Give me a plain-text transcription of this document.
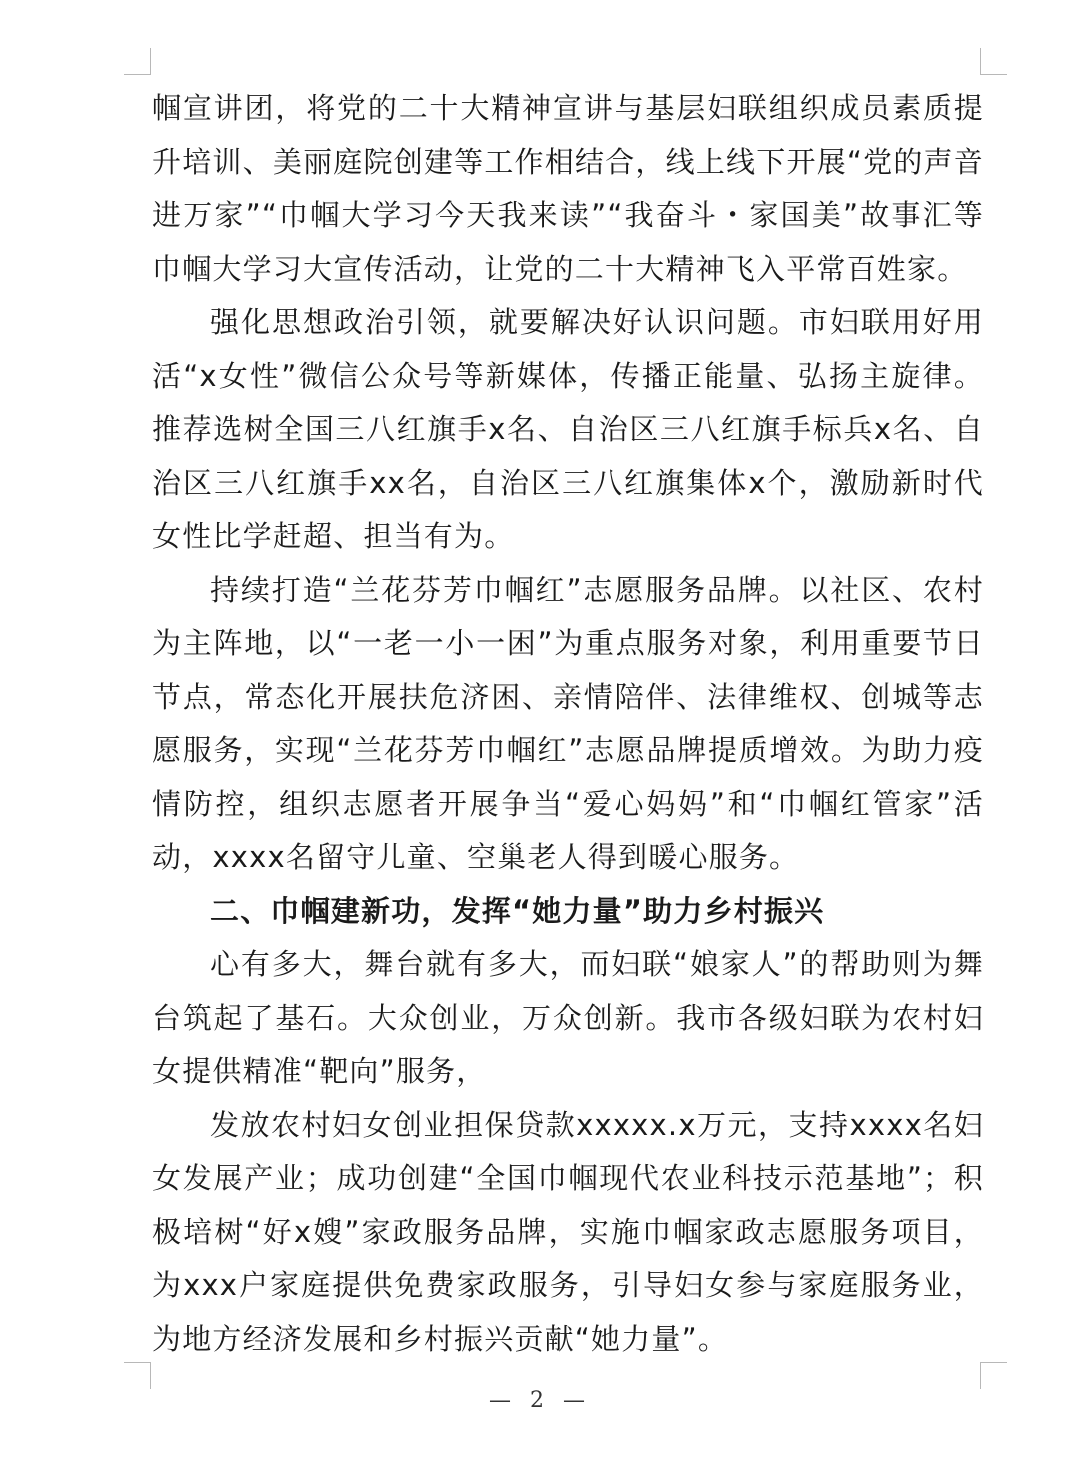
帼宣讲团，将党的二十大精神宣讲与基层妇联组织成员素质提升培训、美丽庭院创建等工作相结合，线上线下开展“党的声音进万家”“巾帼大学习今天我来读”“我奋斗・家国美”故事汇等巾帼大学习大宣传活动，让党的二十大精神飞入平常百姓家。

强化思想政治引领，就要解决好认识问题。市妇联用好用活“x女性”微信公众号等新媒体，传播正能量、弘扬主旋律。推荐选树全国三八红旗手x名、自治区三八红旗手标兵x名、自治区三八红旗手xx名，自治区三八红旗集体x个，激励新时代女性比学赶超、担当有为。

持续打造“兰花芬芳巾帼红”志愿服务品牌。以社区、农村为主阵地，以“一老一小一困”为重点服务对象，利用重要节日节点，常态化开展扶危济困、亲情陪伴、法律维权、创城等志愿服务，实现“兰花芬芳巾帼红”志愿品牌提质增效。为助力疫情防控，组织志愿者开展争当“爱心妈妈”和“巾帼红管家”活动，xxxx名留守儿童、空巢老人得到暖心服务。

二、巾帼建新功，发挥“她力量”助力乡村振兴

心有多大，舞台就有多大，而妇联“娘家人”的帮助则为舞台筑起了基石。大众创业，万众创新。我市各级妇联为农村妇女提供精准“靶向”服务，

发放农村妇女创业担保贷款xxxxx.x万元，支持xxxx名妇女发展产业；成功创建“全国巾帼现代农业科技示范基地”；积极培树“好x嫂”家政服务品牌，实施巾帼家政志愿服务项目，为xxx户家庭提供免费家政服务，引导妇女参与家庭服务业，为地方经济发展和乡村振兴贡献“她力量”。

— 2 —
